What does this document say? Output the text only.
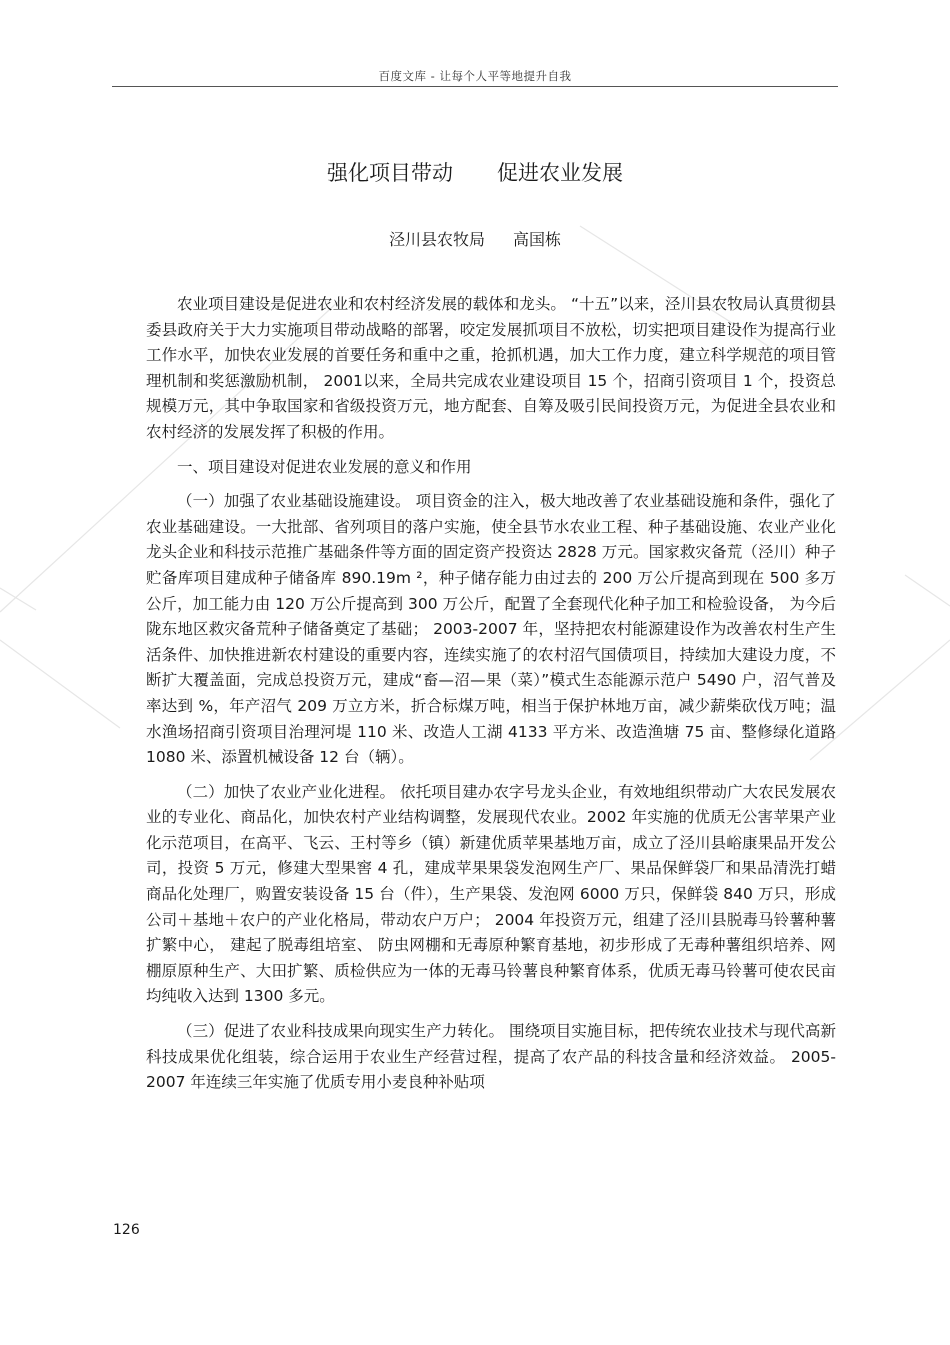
百度文库 - 让每个人平等地提升自我
强化项目带动 促进农业发展
泾川县农牧局 高国栋

农业项目建设是促进农业和农村经济发展的载体和龙头。 “十五”以来，泾川县农牧局认真贯彻县委县政府关于大力实施项目带动战略的部署，咬定发展抓项目不放松，切实把项目建设作为提高行业工作水平，加快农业发展的首要任务和重中之重，抢抓机遇，加大工作力度，建立科学规范的项目管理机制和奖惩激励机制， 2001以来，全局共完成农业建设项目 15 个，招商引资项目 1 个，投资总规模万元，其中争取国家和省级投资万元，地方配套、自筹及吸引民间投资万元，为促进全县农业和农村经济的发展发挥了积极的作用。

一、项目建设对促进农业发展的意义和作用

（一）加强了农业基础设施建设。 项目资金的注入，极大地改善了农业基础设施和条件，强化了农业基础建设。一大批部、省列项目的落户实施，使全县节水农业工程、种子基础设施、农业产业化龙头企业和科技示范推广基础条件等方面的固定资产投资达 2828 万元。国家救灾备荒（泾川）种子贮备库项目建成种子储备库 890.19m ²，种子储存能力由过去的 200 万公斤提高到现在 500 多万公斤，加工能力由 120 万公斤提高到 300 万公斤，配置了全套现代化种子加工和检验设备， 为今后陇东地区救灾备荒种子储备奠定了基础； 2003-2007 年，坚持把农村能源建设作为改善农村生产生活条件、加快推进新农村建设的重要内容，连续实施了的农村沼气国债项目，持续加大建设力度，不断扩大覆盖面，完成总投资万元，建成“畜—沼—果（菜）”模式生态能源示范户 5490 户，沼气普及率达到 %，年产沼气 209 万立方米，折合标煤万吨，相当于保护林地万亩，减少薪柴砍伐万吨；温水渔场招商引资项目治理河堤 110 米、改造人工湖 4133 平方米、改造渔塘 75 亩、整修绿化道路 1080 米、添置机械设备 12 台（辆）。

（二）加快了农业产业化进程。 依托项目建办农字号龙头企业，有效地组织带动广大农民发展农业的专业化、商品化，加快农村产业结构调整，发展现代农业。2002 年实施的优质无公害苹果产业化示范项目，在高平、飞云、王村等乡（镇）新建优质苹果基地万亩，成立了泾川县峪康果品开发公司，投资 5 万元，修建大型果窖 4 孔，建成苹果果袋发泡网生产厂、果品保鲜袋厂和果品清洗打蜡商品化处理厂，购置安装设备 15 台（件），生产果袋、发泡网 6000 万只，保鲜袋 840 万只，形成公司＋基地＋农户的产业化格局，带动农户万户； 2004 年投资万元，组建了泾川县脱毒马铃薯种薯扩繁中心， 建起了脱毒组培室、 防虫网棚和无毒原种繁育基地，初步形成了无毒种薯组织培养、网棚原原种生产、大田扩繁、质检供应为一体的无毒马铃薯良种繁育体系，优质无毒马铃薯可使农民亩均纯收入达到 1300 多元。

（三）促进了农业科技成果向现实生产力转化。 围绕项目实施目标，把传统农业技术与现代高新科技成果优化组装，综合运用于农业生产经营过程，提高了农产品的科技含量和经济效益。 2005-2007 年连续三年实施了优质专用小麦良种补贴项

126
